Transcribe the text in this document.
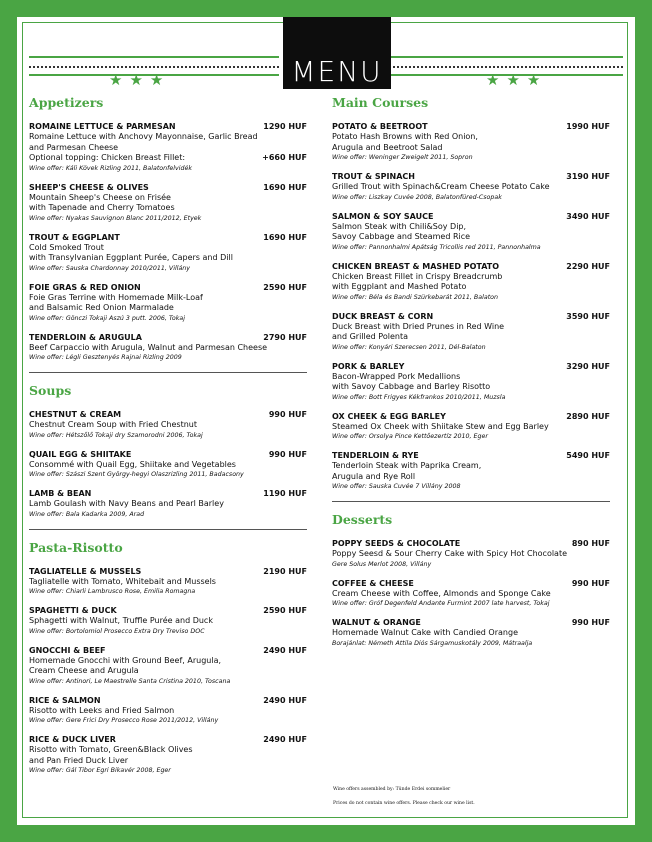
★★★	★★★
MENU
Appetizers
ROMAINE LETTUCE & PARMESAN	1290 HUF
Romaine Lettuce with Anchovy Mayonnaise, Garlic Bread
and Parmesan Cheese
Optional topping: Chicken Breast Fillet:	+660 HUF
Wine offer: Káli Kövek Rizling 2011, Balatonfelvidék
SHEEP'S CHEESE & OLIVES	1690 HUF
Mountain Sheep's Cheese on Frisée
with Tapenade and Cherry Tomatoes
Wine offer: Nyakas Sauvignon Blanc 2011/2012, Etyek
TROUT & EGGPLANT	1690 HUF
Cold Smoked Trout
with Transylvanian Eggplant Purée, Capers and Dill
Wine offer: Sauska Chardonnay 2010/2011, Villány
FOIE GRAS & RED ONION	2590 HUF
Foie Gras Terrine with Homemade Milk-Loaf
and Balsamic Red Onion Marmalade
Wine offer: Gönczi Tokaji Aszú 3 putt. 2006, Tokaj
TENDERLOIN & ARUGULA	2790 HUF
Beef Carpaccio with Arugula, Walnut and Parmesan Cheese
Wine offer: Légli Gesztenyés Rajnai Rizling 2009
Soups
CHESTNUT & CREAM	990 HUF
Chestnut Cream Soup with Fried Chestnut
Wine offer: Hétszőlő Tokaji dry Szamorodni 2006, Tokaj
QUAIL EGG & SHIITAKE	990 HUF
Consommé with Quail Egg, Shiitake and Vegetables
Wine offer: Szászi Szent György-hegyi Olaszrizling 2011, Badacsony
LAMB & BEAN	1190 HUF
Lamb Goulash with Navy Beans and Pearl Barley
Wine offer: Bala Kadarka 2009, Arad
Pasta-Risotto
TAGLIATELLE & MUSSELS	2190 HUF
Tagliatelle with Tomato, Whitebait and Mussels
Wine offer: Chiarli Lambrusco Rose, Emilia Romagna
SPAGHETTI & DUCK	2590 HUF
Sphagetti with Walnut, Truffle Purée and Duck
Wine offer: Bortolomiol Prosecco Extra Dry Treviso DOC
GNOCCHI & BEEF	2490 HUF
Homemade Gnocchi with Ground Beef, Arugula,
Cream Cheese and Arugula
Wine offer: Antinori, Le Maestrelle Santa Cristina 2010, Toscana
RICE & SALMON	2490 HUF
Risotto with Leeks and Fried Salmon
Wine offer: Gere Frici Dry Prosecco Rose 2011/2012, Villány
RICE & DUCK LIVER	2490 HUF
Risotto with Tomato, Green&Black Olives
and Pan Fried Duck Liver
Wine offer: Gál Tibor Egri Bikavér 2008, Eger
Main Courses
POTATO & BEETROOT	1990 HUF
Potato Hash Browns with Red Onion,
Arugula and Beetroot Salad
Wine offer: Weninger Zweigelt 2011, Sopron
TROUT & SPINACH	3190 HUF
Grilled Trout with Spinach&Cream Cheese Potato Cake
Wine offer: Liszkay Cuvée 2008, Balatonfüred-Csopak
SALMON & SOY SAUCE	3490 HUF
Salmon Steak with Chili&Soy Dip,
Savoy Cabbage and Steamed Rice
Wine offer: Pannonhalmi Apátság Tricollis red 2011, Pannonhalma
CHICKEN BREAST & MASHED POTATO	2290 HUF
Chicken Breast Fillet in Crispy Breadcrumb
with Eggplant and Mashed Potato
Wine offer: Béla és Bandi Szürkebarát 2011, Balaton
DUCK BREAST & CORN	3590 HUF
Duck Breast with Dried Prunes in Red Wine
and Grilled Polenta
Wine offer: Konyári Szerecsen 2011, Dél-Balaton
PORK & BARLEY	3290 HUF
Bacon-Wrapped Pork Medallions
with Savoy Cabbage and Barley Risotto
Wine offer: Bott Frigyes Kékfrankos 2010/2011, Muzsla
OX CHEEK & EGG BARLEY	2890 HUF
Steamed Ox Cheek with Shiitake Stew and Egg Barley
Wine offer: Orsolya Pince Kettőezertíz 2010, Eger
TENDERLOIN & RYE	5490 HUF
Tenderloin Steak with Paprika Cream,
Arugula and Rye Roll
Wine offer: Sauska Cuvée 7 Villány 2008
Desserts
POPPY SEEDS & CHOCOLATE	890 HUF
Poppy Seesd & Sour Cherry Cake with Spicy Hot Chocolate
Gere Solus Merlot 2008, Villány
COFFEE & CHEESE	990 HUF
Cream Cheese with Coffee, Almonds and Sponge Cake
Wine offer: Gróf Degenfeld Andante Furmint 2007 late harvest, Tokaj
WALNUT & ORANGE	990 HUF
Homemade Walnut Cake with Candied Orange
Borajánlat: Németh Attila Diós Sárgamuskotály 2009, Mátraalja
Wine offers assembled by: Tünde Erdei sommelier
Prices do not contain wine offers. Please check our wine list.
